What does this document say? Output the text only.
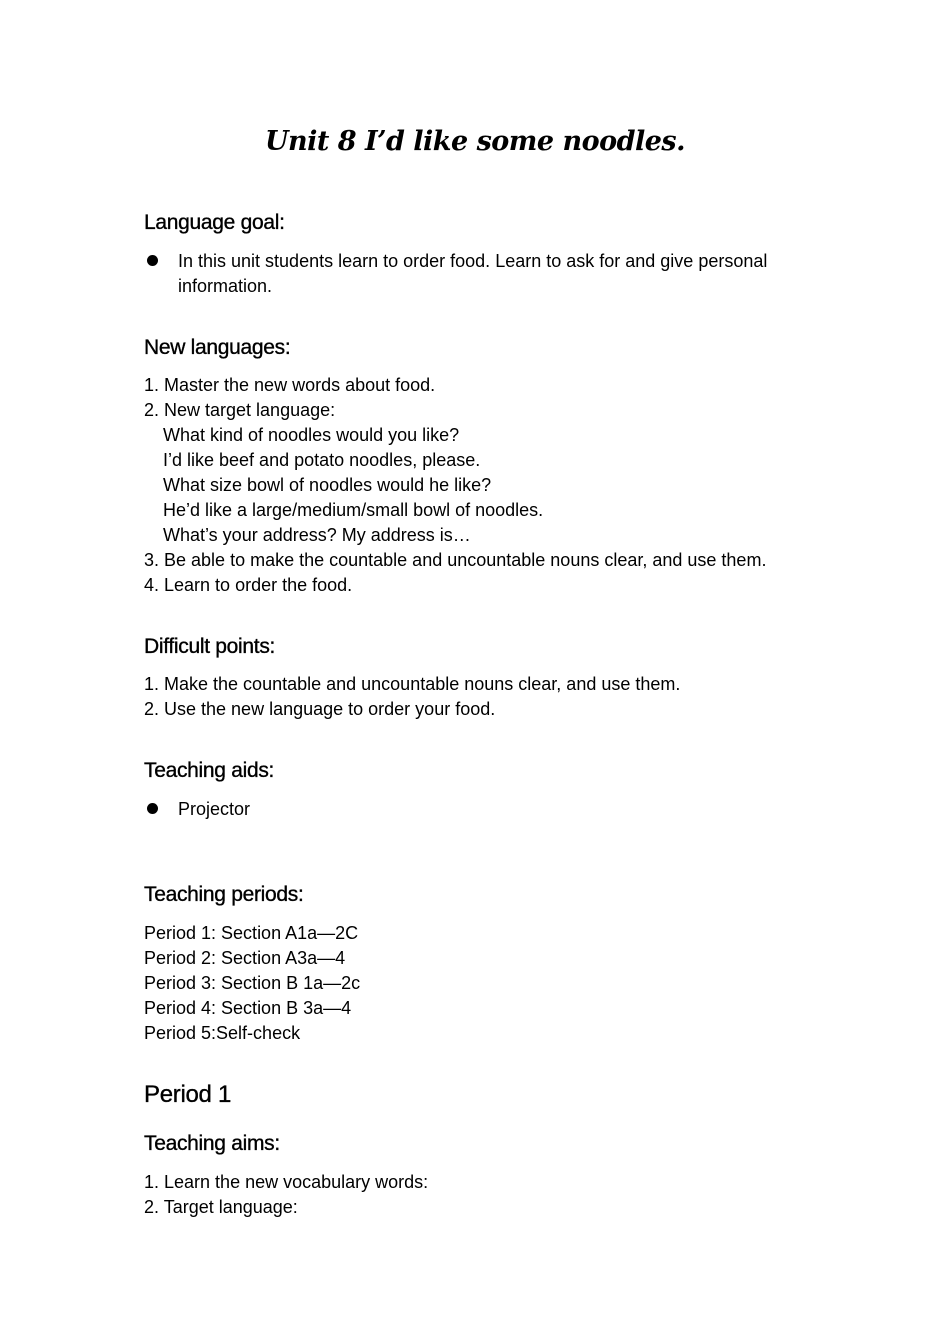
Unit 8 I’d like some noodles.
Language goal:
In this unit students learn to order food. Learn to ask for and give personal information.
New languages:
1. Master the new words about food.
2. New target language:
What kind of noodles would you like?
I’d like beef and potato noodles, please.
What size bowl of noodles would he like?
He’d like a large/medium/small bowl of noodles.
What’s your address? My address is…
3. Be able to make the countable and uncountable nouns clear, and use them.
4. Learn to order the food.
Difficult points:
1. Make the countable and uncountable nouns clear, and use them.
2. Use the new language to order your food.
Teaching aids:
Projector
Teaching periods:
Period 1: Section A1a—2C
Period 2: Section A3a—4
Period 3: Section B 1a—2c
Period 4: Section B 3a—4
Period 5:Self-check
Period 1
Teaching aims:
1. Learn the new vocabulary words:
2. Target language:
